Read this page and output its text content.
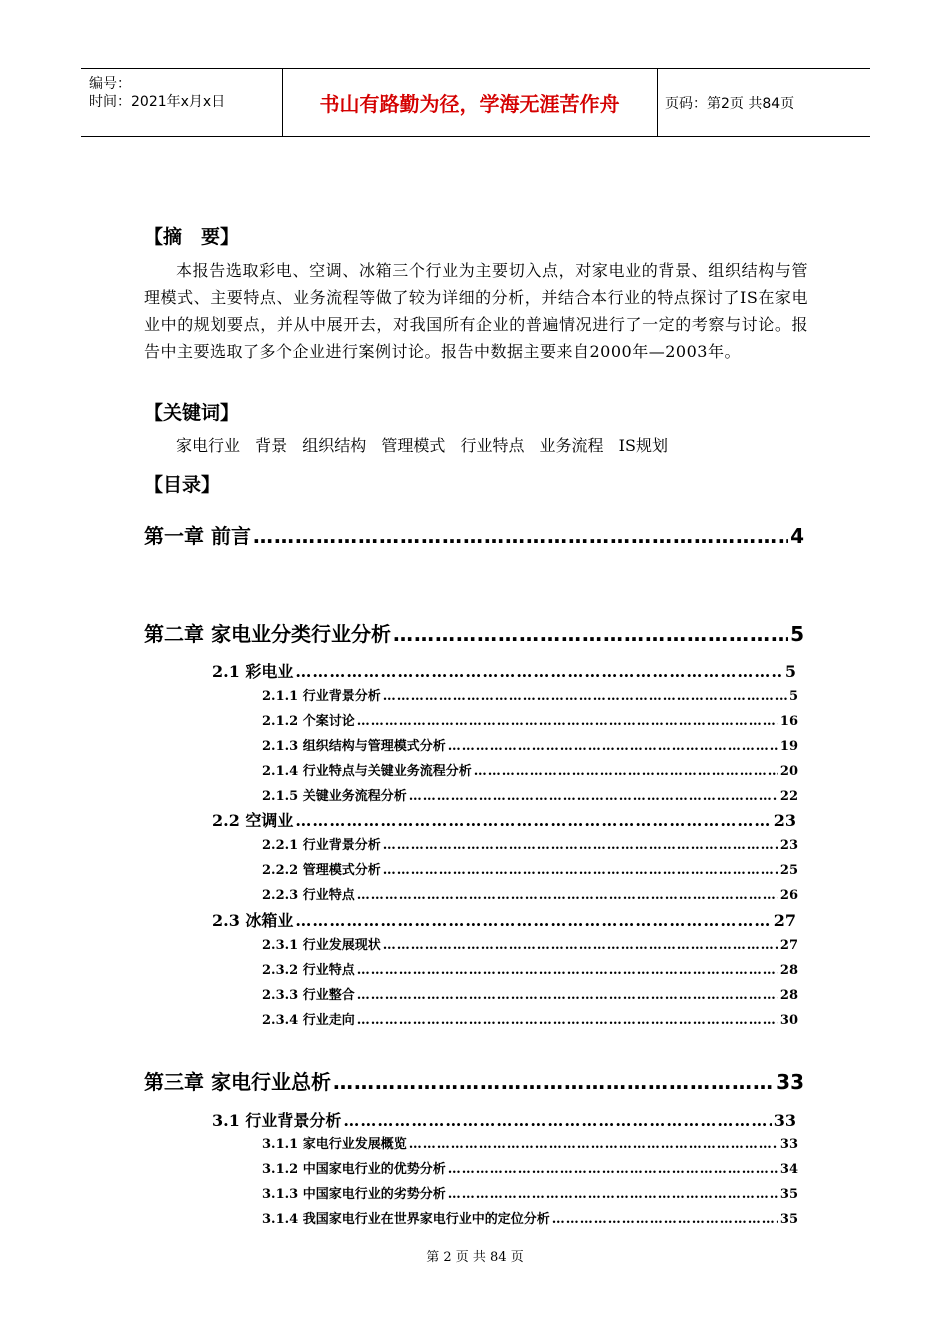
编号：
时间：2021年x月x日	书山有路勤为径，学海无涯苦作舟	页码：第2页 共84页
【摘　要】

本报告选取彩电、空调、冰箱三个行业为主要切入点，对家电业的背景、组织结构与管理模式、主要特点、业务流程等做了较为详细的分析，并结合本行业的特点探讨了IS在家电业中的规划要点，并从中展开去，对我国所有企业的普遍情况进行了一定的考察与讨论。报告中主要选取了多个企业进行案例讨论。报告中数据主要来自2000年—2003年。

【关键词】
家电行业 背景 组织结构 管理模式 行业特点 业务流程 IS规划
【目录】
第一章 前言 ……………………………………………………………………………………………………………………………………	4
第二章 家电业分类行业分析 ……………………………………………………………………………………………………………………………………	5
2.1 彩电业 ……………………………………………………………………………………………………………………………………	5
2.1.1 行业背景分析 ……………………………………………………………………………………………………………………………………	5
2.1.2 个案讨论 ……………………………………………………………………………………………………………………………………	16
2.1.3 组织结构与管理模式分析 ……………………………………………………………………………………………………………………………………	19
2.1.4 行业特点与关键业务流程分析 ……………………………………………………………………………………………………………………………………	20
2.1.5 关键业务流程分析 ……………………………………………………………………………………………………………………………………	22
2.2 空调业 ……………………………………………………………………………………………………………………………………	23
2.2.1 行业背景分析 ……………………………………………………………………………………………………………………………………	23
2.2.2 管理模式分析 ……………………………………………………………………………………………………………………………………	25
2.2.3 行业特点 ……………………………………………………………………………………………………………………………………	26
2.3 冰箱业 ……………………………………………………………………………………………………………………………………	27
2.3.1 行业发展现状 ……………………………………………………………………………………………………………………………………	27
2.3.2 行业特点 ……………………………………………………………………………………………………………………………………	28
2.3.3 行业整合 ……………………………………………………………………………………………………………………………………	28
2.3.4 行业走向 ……………………………………………………………………………………………………………………………………	30
第三章 家电行业总析 ……………………………………………………………………………………………………………………………………	33
3.1 行业背景分析 ……………………………………………………………………………………………………………………………………	33
3.1.1 家电行业发展概览 ……………………………………………………………………………………………………………………………………	33
3.1.2 中国家电行业的优势分析 ……………………………………………………………………………………………………………………………………	34
3.1.3 中国家电行业的劣势分析 ……………………………………………………………………………………………………………………………………	35
3.1.4 我国家电行业在世界家电行业中的定位分析 ……………………………………………………………………………………………………………………………………	35
第 2 页 共 84 页
